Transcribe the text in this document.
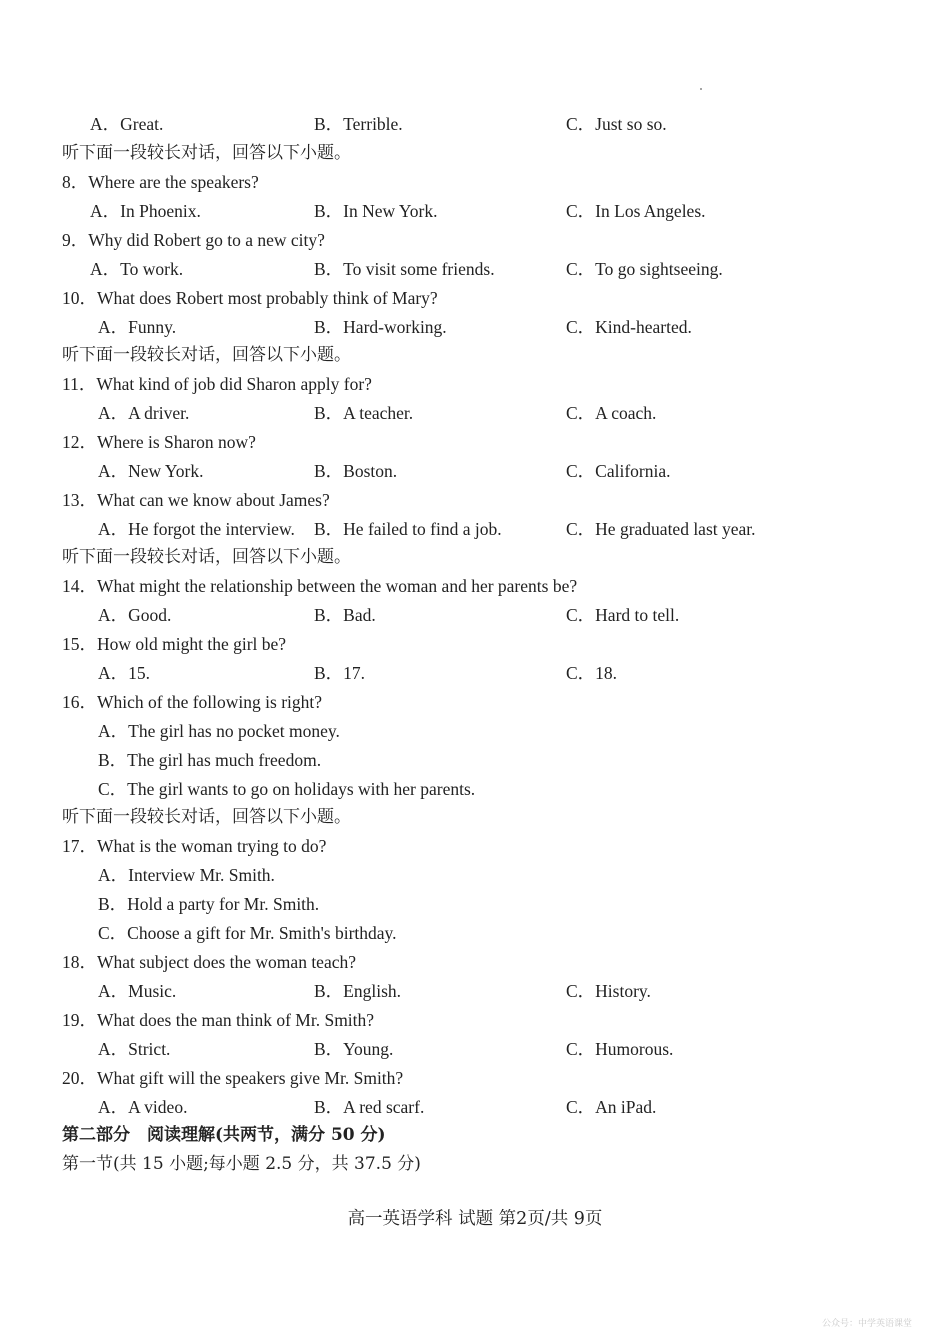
A．Great.	B．Terrible.	C．Just so so.
听下面一段较长对话，回答以下小题。
8．Where are the speakers?
A．In Phoenix.	B．In New York.	C．In Los Angeles.
9．Why did Robert go to a new city?
A．To work.	B．To visit some friends.	C．To go sightseeing.
10．What does Robert most probably think of Mary?
A．Funny.	B．Hard-working.	C．Kind-hearted.
听下面一段较长对话，回答以下小题。
11．What kind of job did Sharon apply for?
A．A driver.	B．A teacher.	C．A coach.
12．Where is Sharon now?
A．New York.	B．Boston.	C．California.
13．What can we know about James?
A．He forgot the interview. B．He failed to find a job.	C．He graduated last year.
听下面一段较长对话，回答以下小题。
14．What might the relationship between the woman and her parents be?
A．Good.	B．Bad.	C．Hard to tell.
15．How old might the girl be?
A．15.	B．17.	C．18.
16．Which of the following is right?
A．The girl has no pocket money.
B．The girl has much freedom.
C．The girl wants to go on holidays with her parents.
听下面一段较长对话，回答以下小题。
17．What is the woman trying to do?
A．Interview Mr. Smith.
B．Hold a party for Mr. Smith.
C．Choose a gift for Mr. Smith's birthday.
18．What subject does the woman teach?
A．Music.	B．English.	C．History.
19．What does the man think of Mr. Smith?
A．Strict.	B．Young.	C．Humorous.
20．What gift will the speakers give Mr. Smith?
A．A video.	B．A red scarf.	C．An iPad.
第二部分　阅读理解(共两节，满分 50 分)
第一节(共 15 小题;每小题 2.5 分，共 37.5 分)
高一英语学科 试题 第2页/共 9页
公众号：中学英语课堂
